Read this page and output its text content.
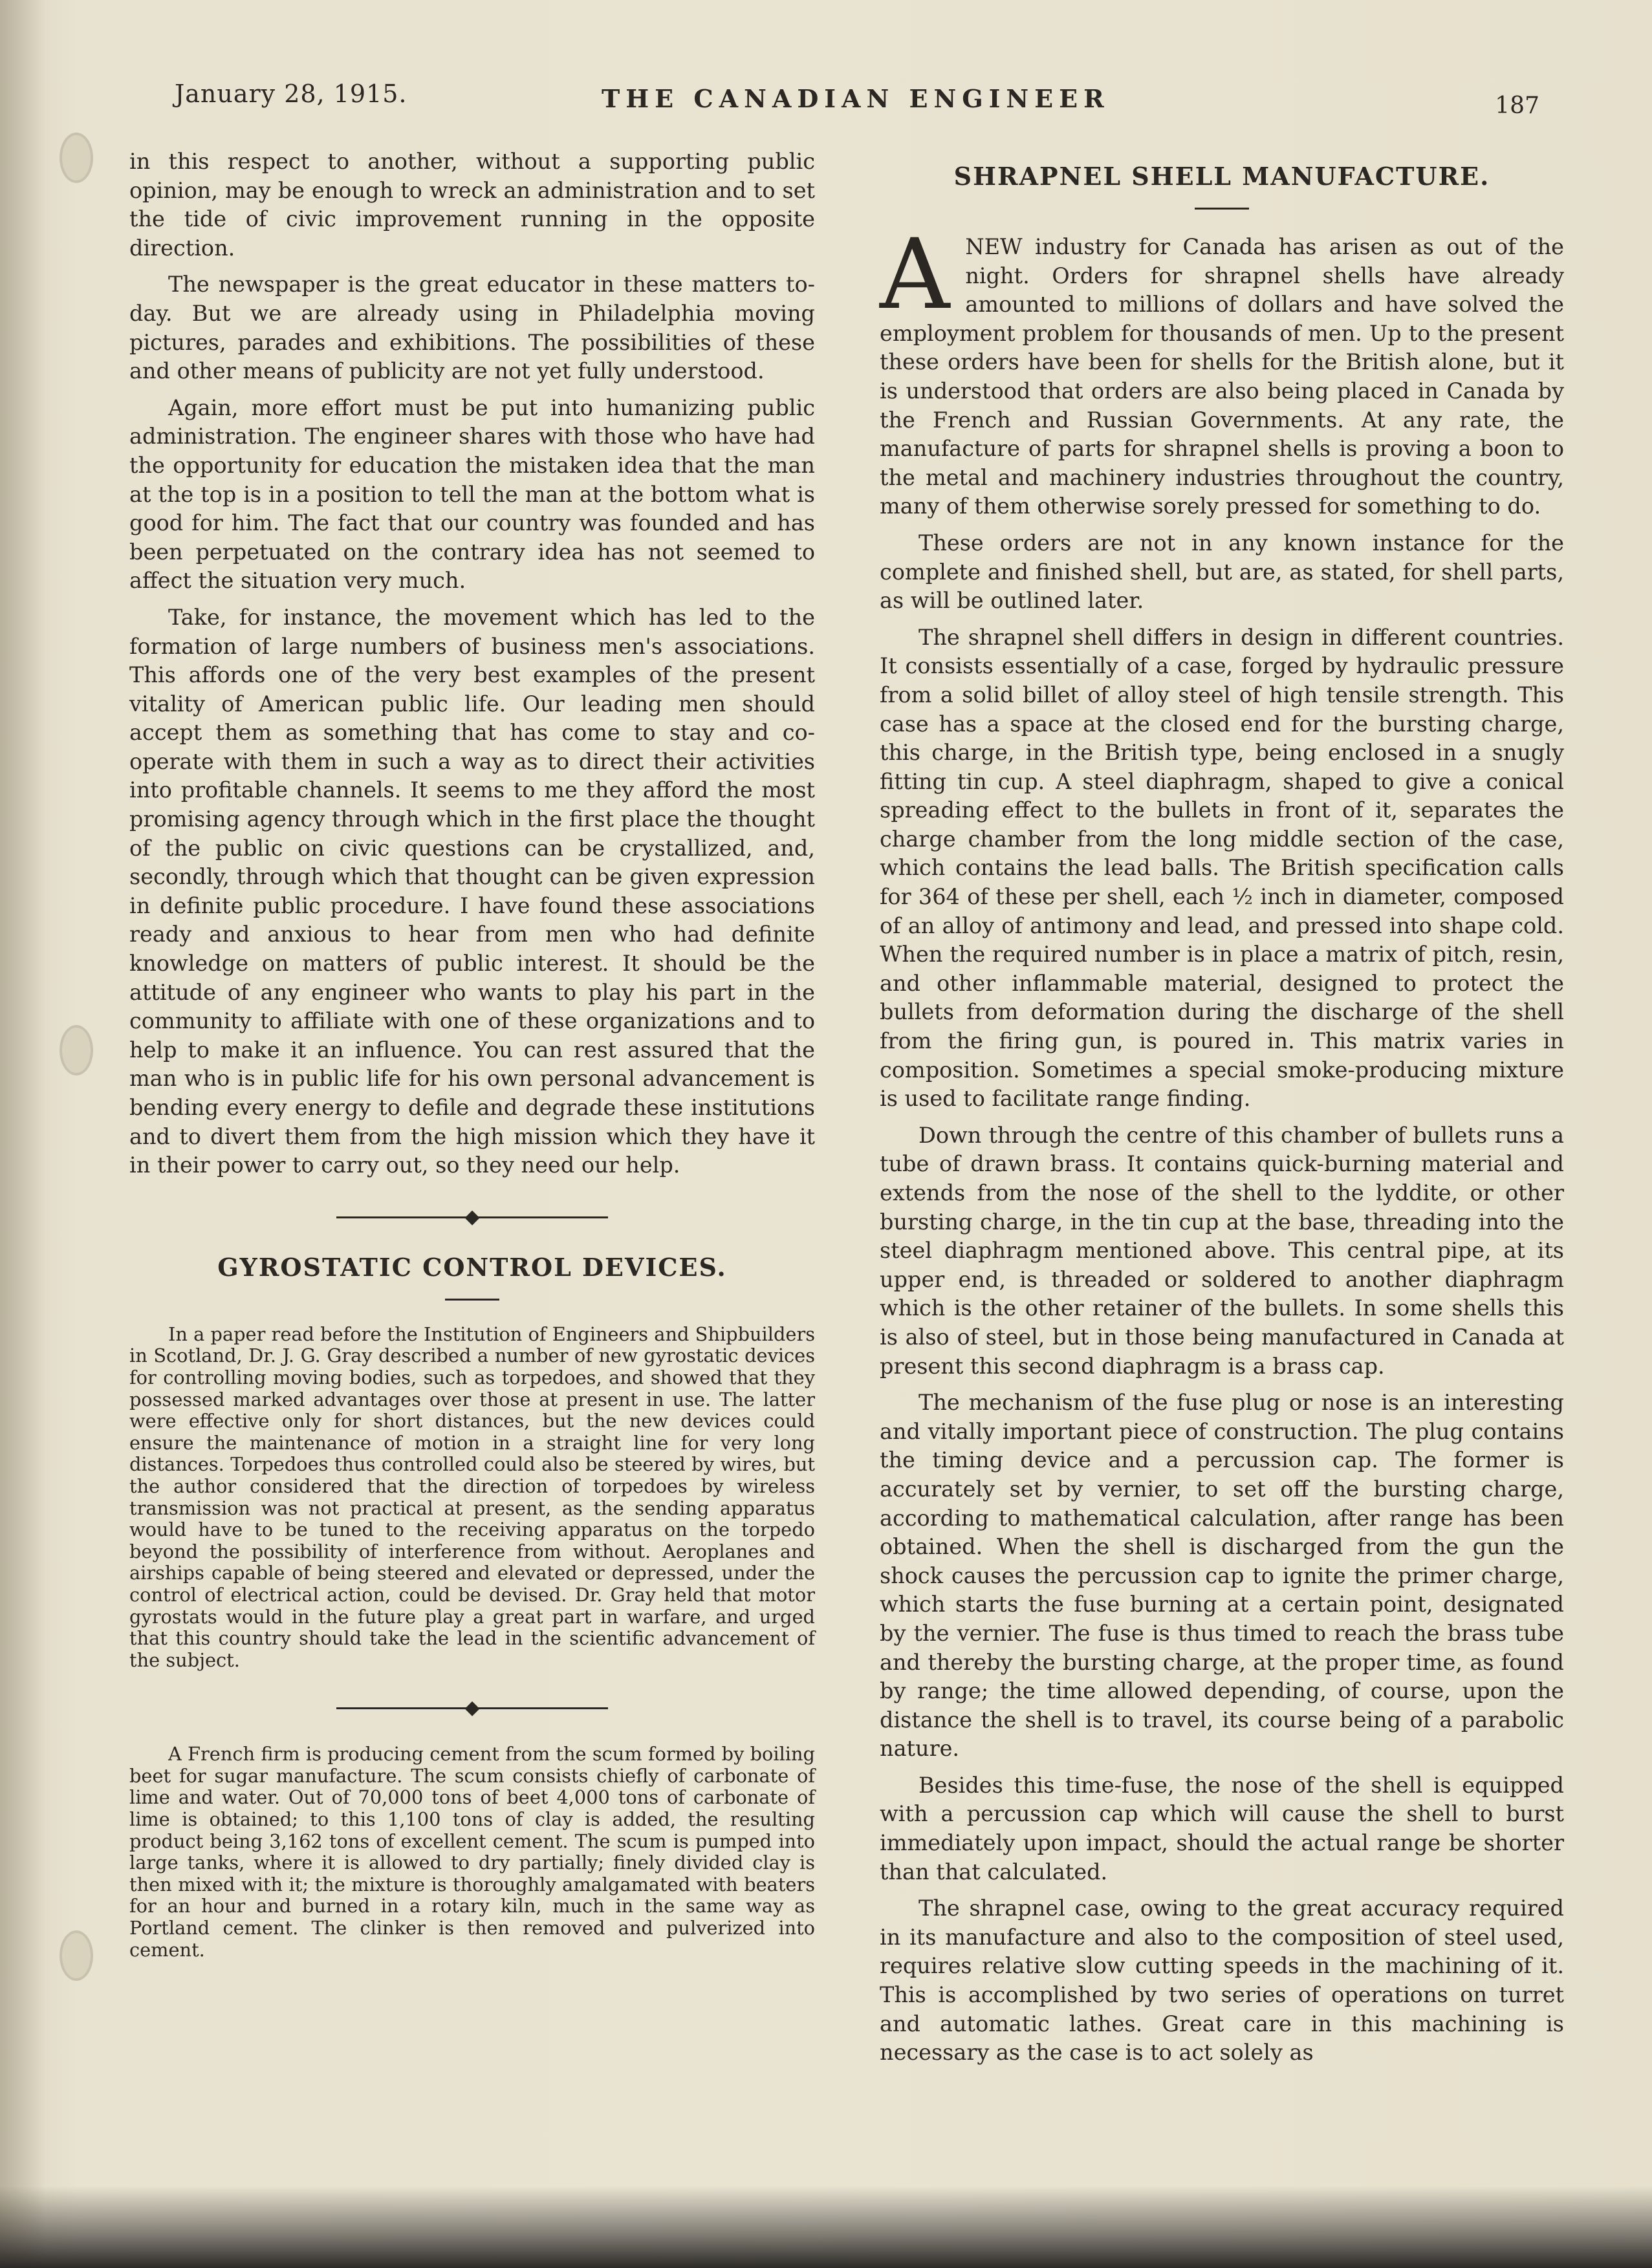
January 28, 1915.	THE CANADIAN ENGINEER	187

in this respect to another, without a supporting public opinion, may be enough to wreck an administration and to set the tide of civic improvement running in the opposite direction.

The newspaper is the great educator in these matters to-day. But we are already using in Philadelphia moving pictures, parades and exhibitions. The possibilities of these and other means of publicity are not yet fully understood.

Again, more effort must be put into humanizing public administration. The engineer shares with those who have had the opportunity for education the mistaken idea that the man at the top is in a position to tell the man at the bottom what is good for him. The fact that our country was founded and has been perpetuated on the contrary idea has not seemed to affect the situation very much.

Take, for instance, the movement which has led to the formation of large numbers of business men's associations. This affords one of the very best examples of the present vitality of American public life. Our leading men should accept them as something that has come to stay and co-operate with them in such a way as to direct their activities into profitable channels. It seems to me they afford the most promising agency through which in the first place the thought of the public on civic questions can be crystallized, and, secondly, through which that thought can be given expression in definite public procedure. I have found these associations ready and anxious to hear from men who had definite knowledge on matters of public interest. It should be the attitude of any engineer who wants to play his part in the community to affiliate with one of these organizations and to help to make it an influence. You can rest assured that the man who is in public life for his own personal advancement is bending every energy to defile and degrade these institutions and to divert them from the high mission which they have it in their power to carry out, so they need our help.

◆
GYROSTATIC CONTROL DEVICES.

In a paper read before the Institution of Engineers and Shipbuilders in Scotland, Dr. J. G. Gray described a number of new gyrostatic devices for controlling moving bodies, such as torpedoes, and showed that they possessed marked advantages over those at present in use. The latter were effective only for short distances, but the new devices could ensure the maintenance of motion in a straight line for very long distances. Torpedoes thus controlled could also be steered by wires, but the author considered that the direction of torpedoes by wireless transmission was not practical at present, as the sending apparatus would have to be tuned to the receiving apparatus on the torpedo beyond the possibility of interference from without. Aeroplanes and airships capable of being steered and elevated or depressed, under the control of electrical action, could be devised. Dr. Gray held that motor gyrostats would in the future play a great part in warfare, and urged that this country should take the lead in the scientific advancement of the subject.

◆

A French firm is producing cement from the scum formed by boiling beet for sugar manufacture. The scum consists chiefly of carbonate of lime and water. Out of 70,000 tons of beet 4,000 tons of carbonate of lime is obtained; to this 1,100 tons of clay is added, the resulting product being 3,162 tons of excellent cement. The scum is pumped into large tanks, where it is allowed to dry partially; finely divided clay is then mixed with it; the mixture is thoroughly amalgamated with beaters for an hour and burned in a rotary kiln, much in the same way as Portland cement. The clinker is then removed and pulverized into cement.

SHRAPNEL SHELL MANUFACTURE.
A NEW industry for Canada has arisen as out of the night. Orders for shrapnel shells have already amounted to millions of dollars and have solved the employment problem for thousands of men. Up to the present these orders have been for shells for the British alone, but it is understood that orders are also being placed in Canada by the French and Russian Governments. At any rate, the manufacture of parts for shrapnel shells is proving a boon to the metal and machinery industries throughout the country, many of them otherwise sorely pressed for something to do.

These orders are not in any known instance for the complete and finished shell, but are, as stated, for shell parts, as will be outlined later.

The shrapnel shell differs in design in different countries. It consists essentially of a case, forged by hydraulic pressure from a solid billet of alloy steel of high tensile strength. This case has a space at the closed end for the bursting charge, this charge, in the British type, being enclosed in a snugly fitting tin cup. A steel diaphragm, shaped to give a conical spreading effect to the bullets in front of it, separates the charge chamber from the long middle section of the case, which contains the lead balls. The British specification calls for 364 of these per shell, each ½ inch in diameter, composed of an alloy of antimony and lead, and pressed into shape cold. When the required number is in place a matrix of pitch, resin, and other inflammable material, designed to protect the bullets from deformation during the discharge of the shell from the firing gun, is poured in. This matrix varies in composition. Sometimes a special smoke-producing mixture is used to facilitate range finding.

Down through the centre of this chamber of bullets runs a tube of drawn brass. It contains quick-burning material and extends from the nose of the shell to the lyddite, or other bursting charge, in the tin cup at the base, threading into the steel diaphragm mentioned above. This central pipe, at its upper end, is threaded or soldered to another diaphragm which is the other retainer of the bullets. In some shells this is also of steel, but in those being manufactured in Canada at present this second diaphragm is a brass cap.

The mechanism of the fuse plug or nose is an interesting and vitally important piece of construction. The plug contains the timing device and a percussion cap. The former is accurately set by vernier, to set off the bursting charge, according to mathematical calculation, after range has been obtained. When the shell is discharged from the gun the shock causes the percussion cap to ignite the primer charge, which starts the fuse burning at a certain point, designated by the vernier. The fuse is thus timed to reach the brass tube and thereby the bursting charge, at the proper time, as found by range; the time allowed depending, of course, upon the distance the shell is to travel, its course being of a parabolic nature.

Besides this time-fuse, the nose of the shell is equipped with a percussion cap which will cause the shell to burst immediately upon impact, should the actual range be shorter than that calculated.

The shrapnel case, owing to the great accuracy required in its manufacture and also to the composition of steel used, requires relative slow cutting speeds in the machining of it. This is accomplished by two series of operations on turret and automatic lathes. Great care in this machining is necessary as the case is to act solely as
